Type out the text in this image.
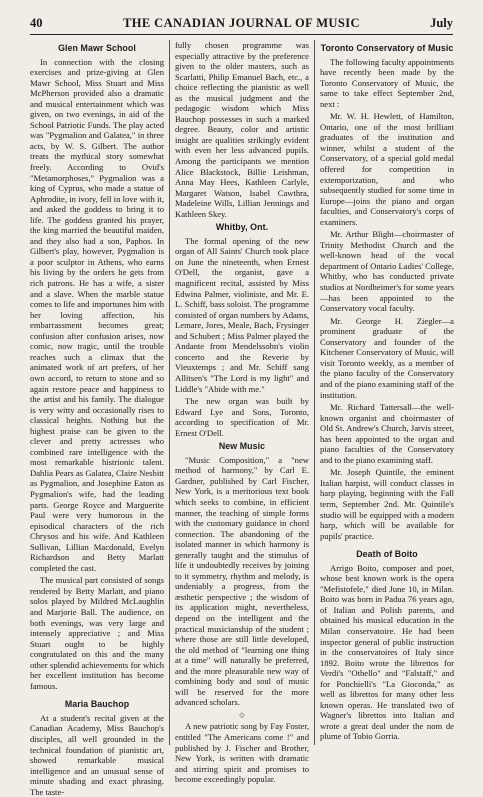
40	THE CANADIAN JOURNAL OF MUSIC	July
Glen Mawr School

In connection with the closing exercises and prize-giving at Glen Mawr School, Miss Stuart and Miss McPherson provided also a dramatic and musical entertainment which was given, on two evenings, in aid of the School Patriotic Funds. The play acted was "Pygmalion and Galatea," in three acts, by W. S. Gilbert. The author treats the mythical story somewhat freely. According to Ovid's "Metamorphoses," Pygmalion was a king of Cyprus, who made a statue of Aphrodite, in ivory, fell in love with it, and asked the goddess to bring it to life. The goddess granted his prayer, the king married the beautiful maiden, and they also had a son, Paphos. In Gilbert's play, however, Pygmalion is a poor sculptor in Athens, who earns his living by the orders he gets from rich patrons. He has a wife, a sister and a slave. When the marble statue comes to life and importunes him with her loving affection, his embarrassment becomes great; confusion after confusion arises, now comic, now tragic, until the trouble reaches such a climax that the animated work of art prefers, of her own accord, to return to stone and so again restore peace and happiness to the artist and his family. The dialogue is very witty and occasionally rises to classical heights. Nothing but the highest praise can be given to the clever and pretty actresses who combined rare intelligence with the most remarkable histrionic talent. Dahlia Pears as Galatea, Claire Nesbitt as Pygmalion, and Josephine Eaton as Pygmalion's wife, had the leading parts. George Royce and Marguerite Paul were very humorous in the episodical characters of the rich Chrysos and his wife. And Kathleen Sullivan, Lillian Macdonald, Evelyn Richardson and Betty Marlatt completed the cast.

The musical part consisted of songs rendered by Betty Marlatt, and piano solos played by Mildred McLaughlin and Marjorie Ball. The audience, on both evenings, was very large and intensely appreciative ; and Miss Stuart ought to be highly congratulated on this and the many other splendid achievements for which her excellent institution has become famous.

Maria Bauchop

At a student's recital given at the Canadian Academy, Miss Bauchop's disciples, all well grounded in the technical foundation of pianistic art, showed remarkable musical intelligence and an unusual sense of minute shading and exact phrasing. The taste-

fully chosen programme was especially attractive by the preference given to the older masters, such as Scarlatti, Philip Emanuel Bach, etc., a choice reflecting the pianistic as well as the musical judgment and the pedagogic wisdom which Miss Bauchop possesses in such a marked degree. Beauty, color and artistic insight are qualities strikingly evident with even her less advanced pupils. Among the participants we mention Alice Blackstock, Billie Leishman, Anna May Hees, Kathleen Carlyle, Margaret Watson, Isabel Cawthra, Madeleine Wills, Lillian Jennings and Kathleen Skey.

Whitby, Ont.

The formal opening of the new organ of All Saints' Church took place on June the nineteenth, when Ernest O'Dell, the organist, gave a magnificent recital, assisted by Miss Edwina Palmer, violiniste, and Mr. E. L. Schiff, bass soloist. The programme consisted of organ numbers by Adams, Lemare, Jores, Meale, Bach, Frysinger and Schubert ; Miss Palmer played the Andante from Mendelssohn's violin concerto and the Reverie by Vieuxtemps ; and Mr. Schiff sang Allitsen's "The Lord is my light" and Liddle's "Abide with me."

The new organ was built by Edward Lye and Sons, Toronto, according to specification of Mr. Ernest O'Dell.

New Music

"Music Composition," a "new method of harmony," by Carl E. Gardner, published by Carl Fischer, New York, is a meritorious text book which seeks to combine, in efficient manner, the teaching of simple forms with the customary guidance in chord connection. The abandoning of the isolated manner in which harmony is generally taught and the stimulus of life it undoubtedly receives by joining to it symmetry, rhythm and melody, is undeniably a progress, from the æsthetic perspective ; the wisdom of its application might, nevertheless, depend on the intelligent and the practical musicianship of the student ; where those are still little developed, the old method of "learning one thing at a time" will naturally be preferred, and the more pleasurable new way of combining body and soul of music will be reserved for the more advanced scholars.

◇

A new patriotic song by Fay Foster, entitled "The Americans come !" and published by J. Fischer and Brother, New York, is written with dramatic and stirring spirit and promises to become exceedingly popular.

Toronto Conservatory of Music

The following faculty appointments have recently been made by the Toronto Conservatory of Music, the same to take effect September 2nd, next :

Mr. W. H. Hewlett, of Hamilton, Ontario, one of the most brilliant graduates of the institution and winner, whilst a student of the Conservatory, of a special gold medal offered for competition in extemporization, and who subsequently studied for some time in Europe—joins the piano and organ faculties, and Conservatory's corps of examiners.

Mr. Arthur Blight—choirmaster of Trinity Methodist Church and the well-known head of the vocal department of Ontario Ladies' College, Whitby, who has conducted private studios at Nordheimer's for some years—has been appointed to the Conservatory vocal faculty.

Mr. George H. Ziegler—a prominent graduate of the Conservatory and founder of the Kitchener Conservatory of Music, will visit Toronto weekly, as a member of the piano faculty of the Conservatory and of the piano examining staff of the institution.

Mr. Richard Tattersall—the well-known organist and choirmaster of Old St. Andrew's Church, Jarvis street, has been appointed to the organ and piano faculties of the Conservatory and to the piano examining staff.

Mr. Joseph Quintile, the eminent Italian harpist, will conduct classes in harp playing, beginning with the Fall term, September 2nd. Mr. Quintile's studio will be equipped with a modern harp, which will be available for pupils' practice.

Death of Boito

Arrigo Boito, composer and poet, whose best known work is the opera "Mefistofele," died June 10, in Milan. Boito was born in Padua 76 years ago, of Italian and Polish parents, and obtained his musical education in the Milan conservatoire. He had been inspector general of public instruction in the conservatoires of Italy since 1892. Boito wrote the librettos for Verdi's "Othello" and "Falstaff," and for Ponchielli's "La Gioconda," as well as librettos for many other less known operas. He translated two of Wagner's librettos into Italian and wrote a great deal under the nom de plume of Tobio Gorria.
